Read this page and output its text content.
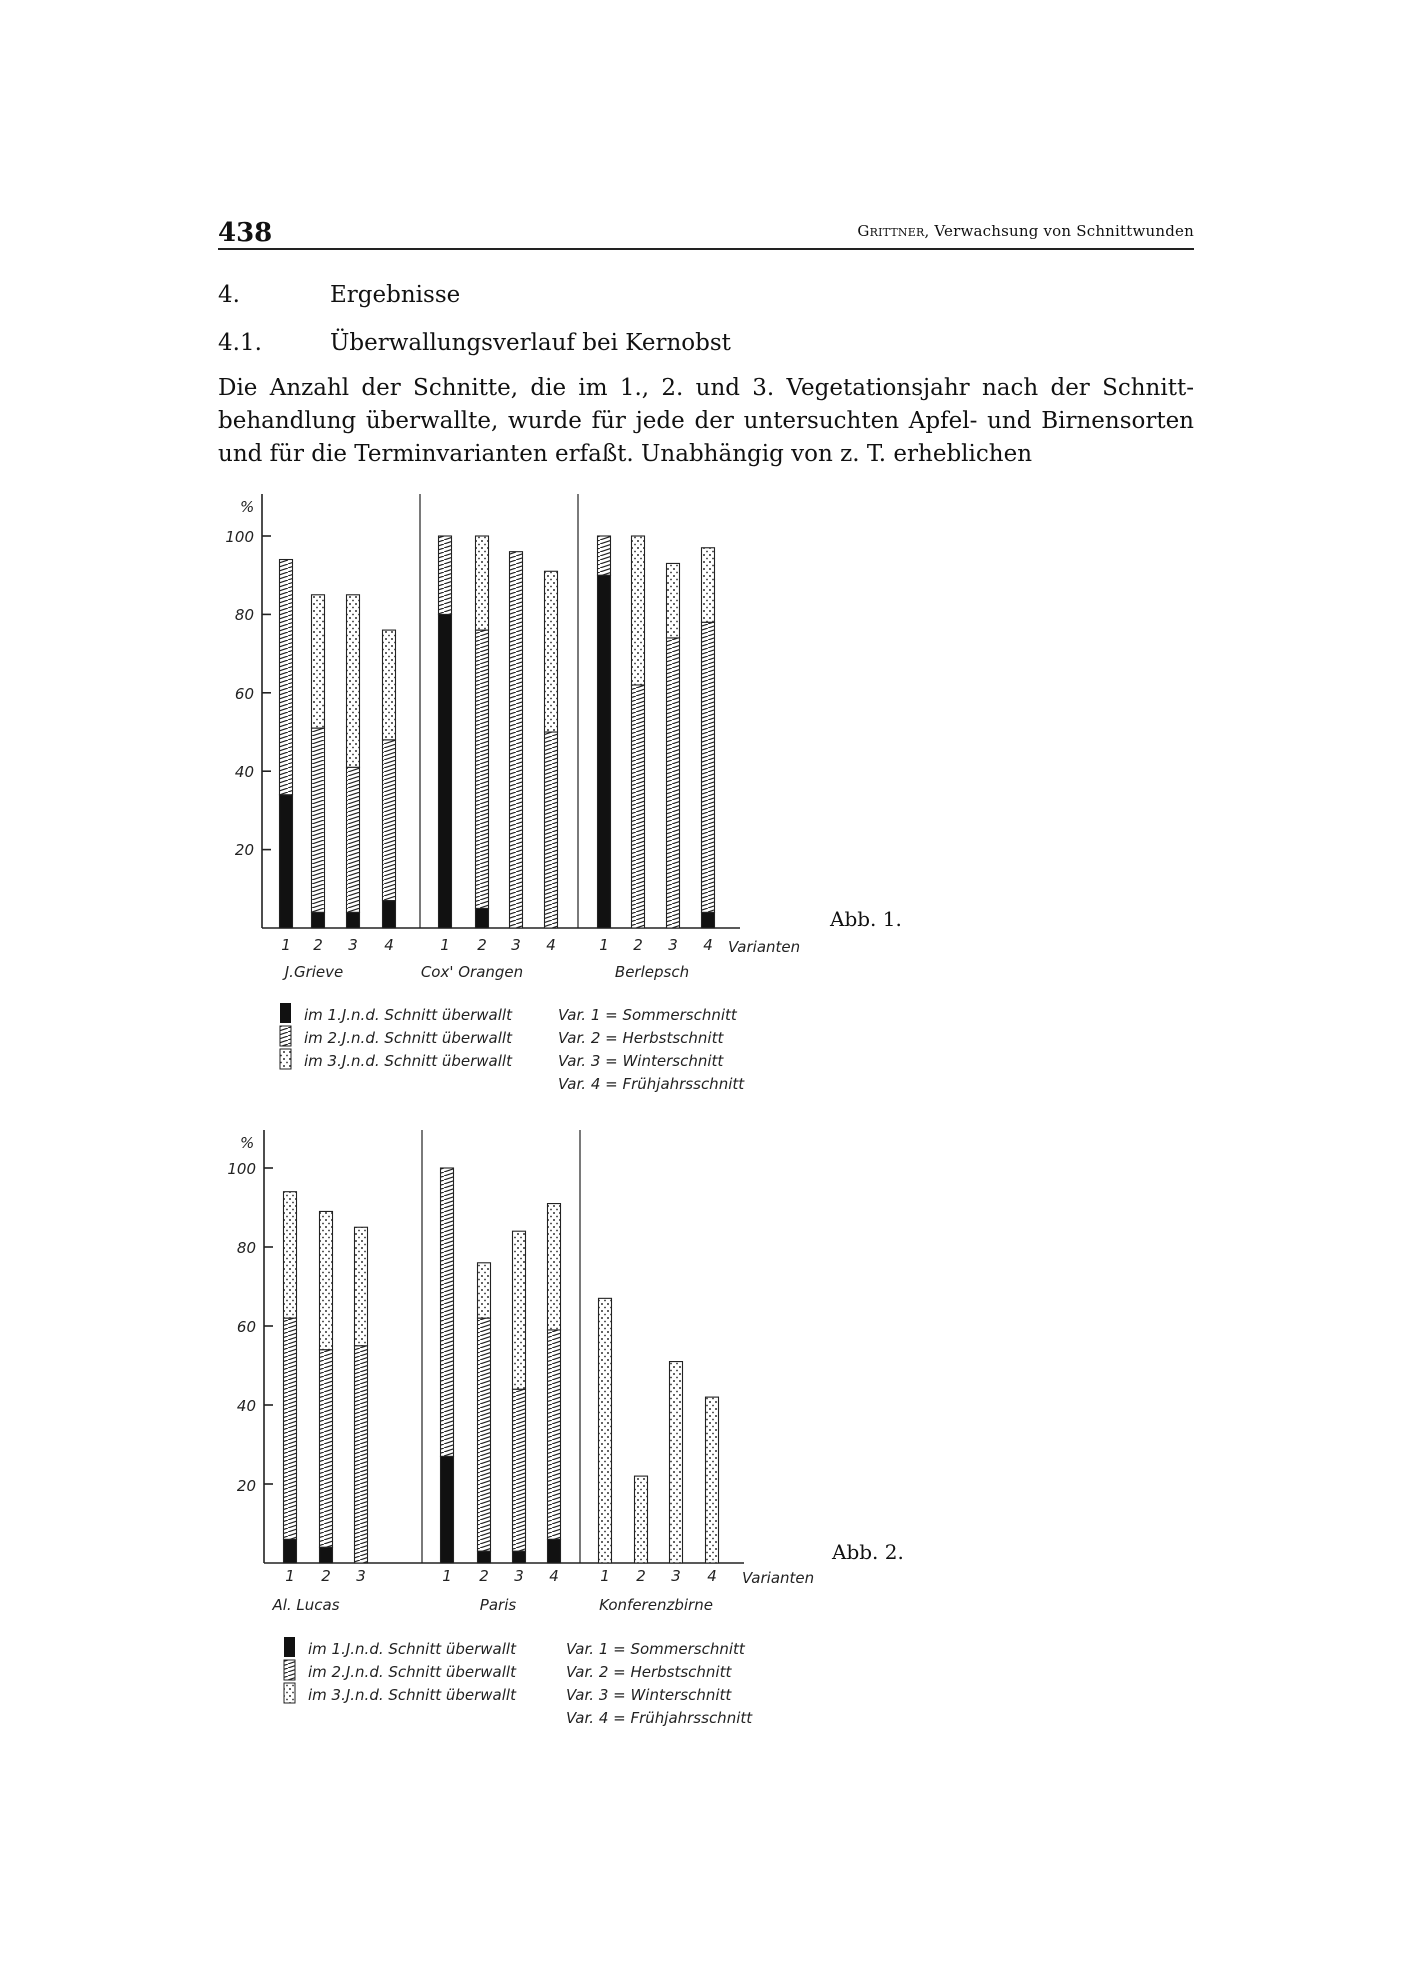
438	Grittner, Verwachsung von Schnittwunden
4.	Ergebnisse
4.1.	Überwallungsverlauf bei Kernobst
Die Anzahl der Schnitte, die im 1., 2. und 3. Vegetationsjahr nach der Schnittbehandlung überwallte, wurde für jede der untersuchten Apfel- und Birnensorten und für die Terminvarianten erfaßt. Unabhängig von z. T. erheblichen
1 2 3 4	1 2 3 4	1 2 3 4
%
20
40
60
80
100
Varianten
Abb. 1.
J.Grieve	Cox' Orangen	Berlepsch
im 1.J.n.d. Schnitt überwallt
im 2.J.n.d. Schnitt überwallt
im 3.J.n.d. Schnitt überwallt
Var. 1 = Sommerschnitt
Var. 2 = Herbstschnitt
Var. 3 = Winterschnitt
Var. 4 = Frühjahrsschnitt
1 2 3	1 2 3 4	1 2 3 4
%
20
40
60
80
100
Varianten
Abb. 2.
Al. Lucas	Paris	Konferenzbirne
im 1.J.n.d. Schnitt überwallt
im 2.J.n.d. Schnitt überwallt
im 3.J.n.d. Schnitt überwallt
Var. 1 = Sommerschnitt
Var. 2 = Herbstschnitt
Var. 3 = Winterschnitt
Var. 4 = Frühjahrsschnitt
